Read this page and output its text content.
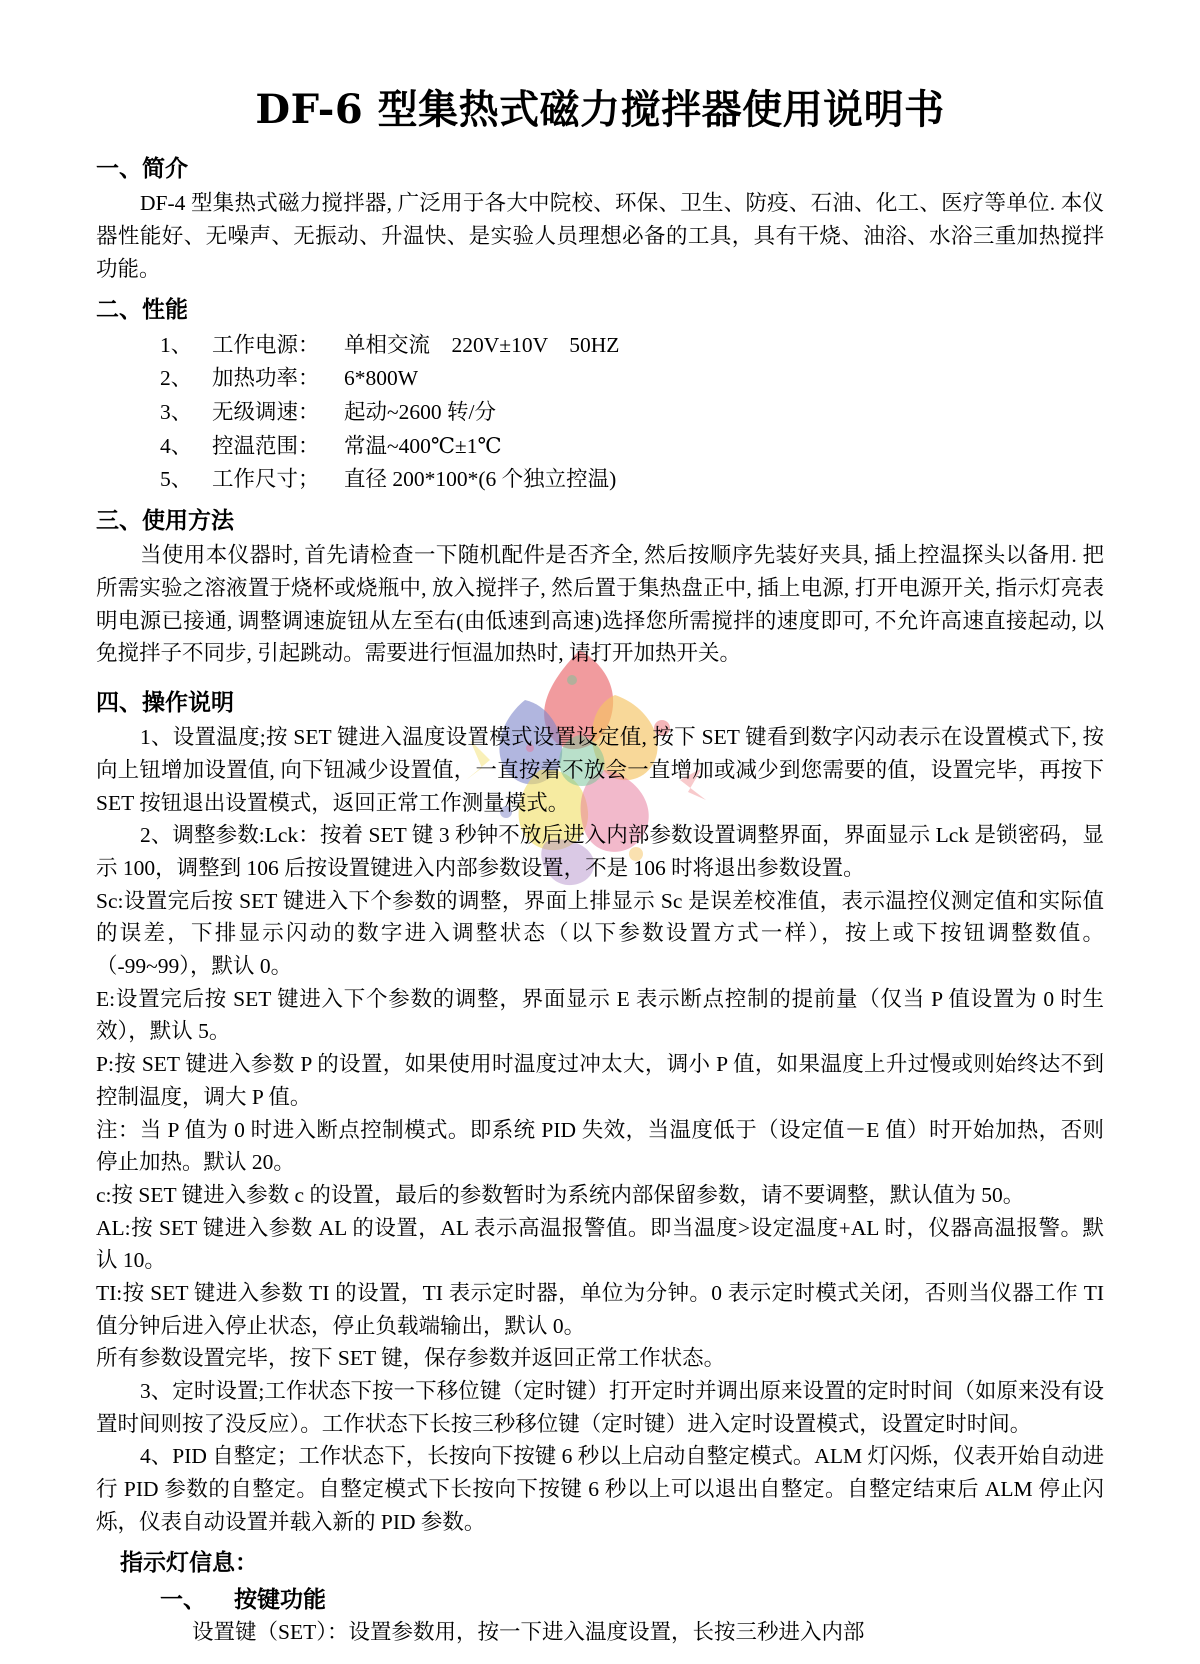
DF-6 型集热式磁力搅拌器使用说明书
一、简介

DF-4 型集热式磁力搅拌器, 广泛用于各大中院校、环保、卫生、防疫、石油、化工、医疗等单位. 本仪器性能好、无噪声、无振动、升温快、是实验人员理想必备的工具，具有干烧、油浴、水浴三重加热搅拌功能。

二、性能
1、 工作电源：	单相交流　220V±10V　50HZ
2、 加热功率：	6*800W
3、 无级调速：	起动~2600 转/分
4、 控温范围：	常温~400℃±1℃
5、 工作尺寸；	直径 200*100*(6 个独立控温)
三、使用方法

当使用本仪器时, 首先请检查一下随机配件是否齐全, 然后按顺序先装好夹具, 插上控温探头以备用. 把所需实验之溶液置于烧杯或烧瓶中, 放入搅拌子, 然后置于集热盘正中, 插上电源, 打开电源开关, 指示灯亮表明电源已接通, 调整调速旋钮从左至右(由低速到高速)选择您所需搅拌的速度即可, 不允许高速直接起动, 以免搅拌子不同步, 引起跳动。需要进行恒温加热时, 请打开加热开关。

四、操作说明

1、设置温度;按 SET 键进入温度设置模式设置设定值, 按下 SET 键看到数字闪动表示在设置模式下, 按向上钮增加设置值, 向下钮减少设置值，一直按着不放会一直增加或减少到您需要的值，设置完毕，再按下 SET 按钮退出设置模式，返回正常工作测量模式。

2、调整参数:Lck：按着 SET 键 3 秒钟不放后进入内部参数设置调整界面，界面显示 Lck 是锁密码，显示 100，调整到 106 后按设置键进入内部参数设置，不是 106 时将退出参数设置。

Sc:设置完后按 SET 键进入下个参数的调整，界面上排显示 Sc 是误差校准值，表示温控仪测定值和实际值的误差，下排显示闪动的数字进入调整状态（以下参数设置方式一样），按上或下按钮调整数值。（-99~99），默认 0。

E:设置完后按 SET 键进入下个参数的调整，界面显示 E 表示断点控制的提前量（仅当 P 值设置为 0 时生效），默认 5。

P:按 SET 键进入参数 P 的设置，如果使用时温度过冲太大，调小 P 值，如果温度上升过慢或则始终达不到控制温度，调大 P 值。

注：当 P 值为 0 时进入断点控制模式。即系统 PID 失效，当温度低于（设定值－E 值）时开始加热，否则停止加热。默认 20。

c:按 SET 键进入参数 c 的设置，最后的参数暂时为系统内部保留参数，请不要调整，默认值为 50。

AL:按 SET 键进入参数 AL 的设置，AL 表示高温报警值。即当温度>设定温度+AL 时，仪器高温报警。默认 10。

TI:按 SET 键进入参数 TI 的设置，TI 表示定时器，单位为分钟。0 表示定时模式关闭，否则当仪器工作 TI 值分钟后进入停止状态，停止负载端输出，默认 0。

所有参数设置完毕，按下 SET 键，保存参数并返回正常工作状态。

3、定时设置;工作状态下按一下移位键（定时键）打开定时并调出原来设置的定时时间（如原来没有设置时间则按了没反应）。工作状态下长按三秒移位键（定时键）进入定时设置模式，设置定时时间。

4、PID 自整定；工作状态下，长按向下按键 6 秒以上启动自整定模式。ALM 灯闪烁，仪表开始自动进行 PID 参数的自整定。自整定模式下长按向下按键 6 秒以上可以退出自整定。自整定结束后 ALM 停止闪烁，仪表自动设置并载入新的 PID 参数。

指示灯信息：
一、 按键功能
设置键（SET）：设置参数用，按一下进入温度设置，长按三秒进入内部
